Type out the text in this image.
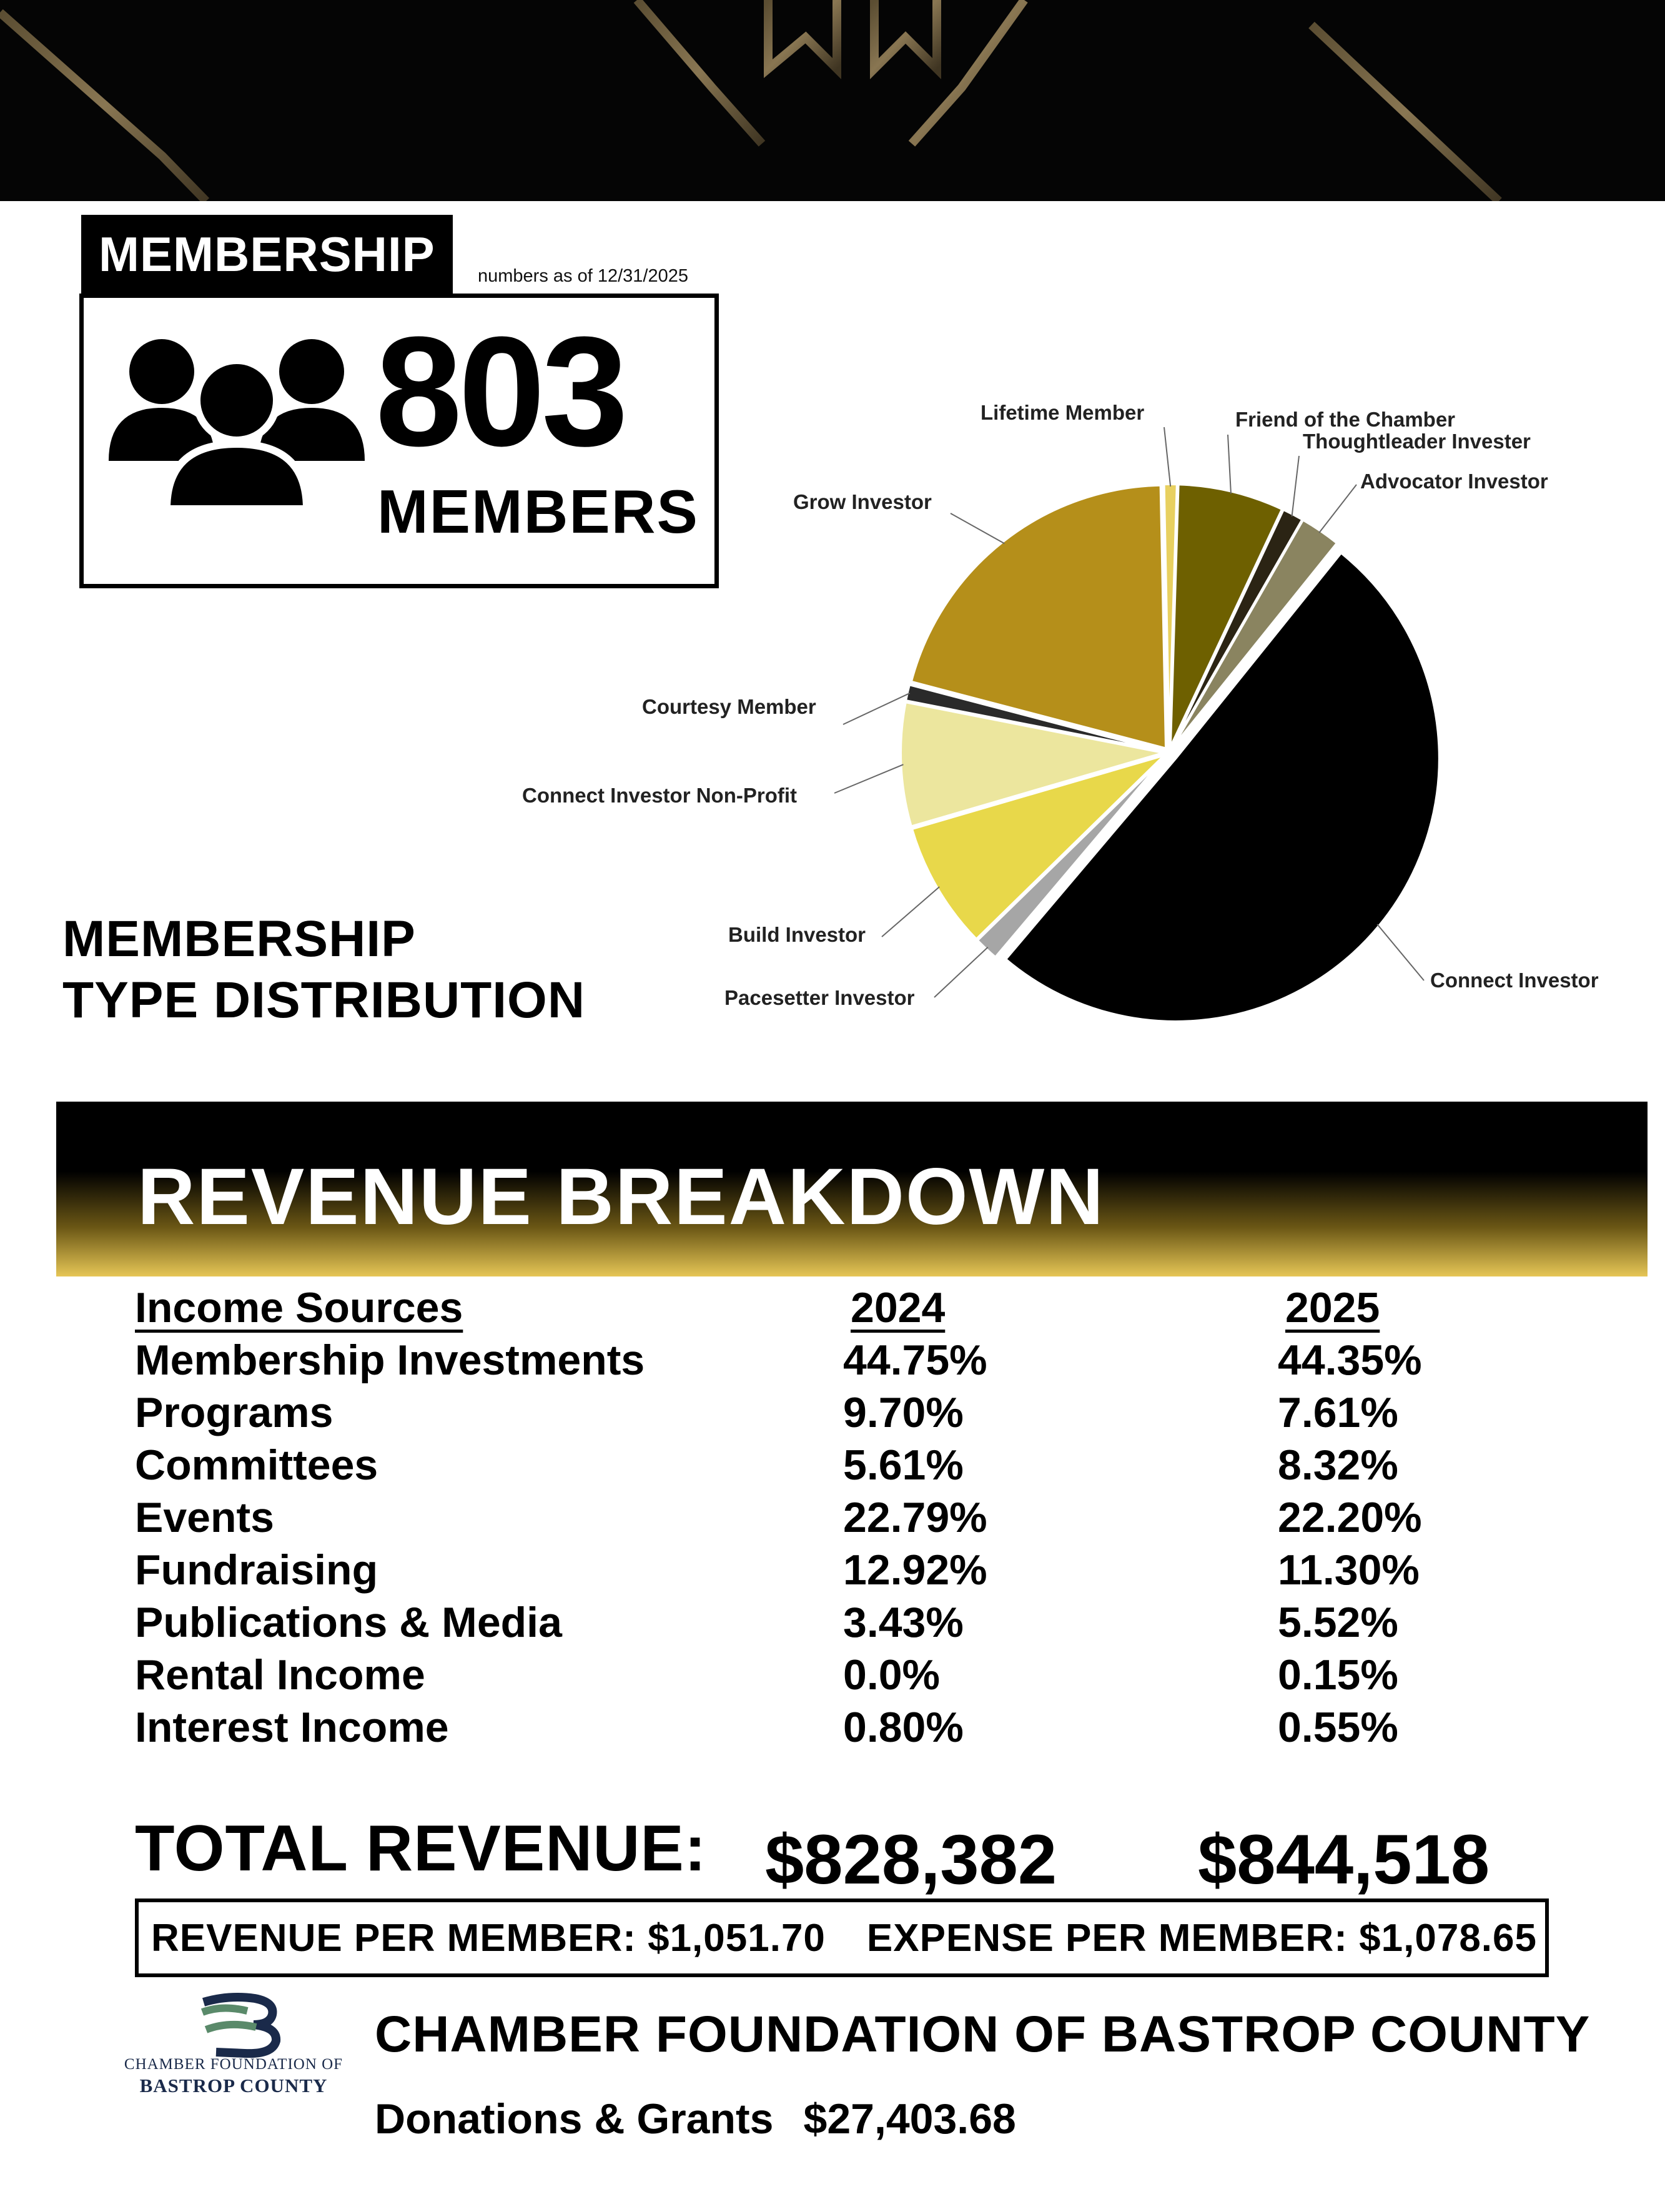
MEMBERSHIP numbers as of 12/31/2025
803
MEMBERS
MEMBERSHIP
TYPE DISTRIBUTION
Lifetime Member	Friend of the Chamber
Thoughtleader Invester
Advocator Investor
Connect Investor
Pacesetter Investor
Build Investor
Connect Investor Non-Profit
Courtesy Member
Grow Investor
REVENUE BREAKDOWN
Income Sources	2024	2025
Membership Investments	44.75%	44.35%
Programs	9.70%	7.61%
Committees	5.61%	8.32%
Events	22.79%	22.20%
Fundraising	12.92%	11.30%
Publications & Media	3.43%	5.52%
Rental Income	0.0%	0.15%
Interest Income	0.80%	0.55%
TOTAL REVENUE: $828,382 $844,518
REVENUE PER MEMBER: $1,051.70 EXPENSE PER MEMBER: $1,078.65
CHAMBER FOUNDATION OF
BASTROP COUNTY
CHAMBER FOUNDATION OF BASTROP COUNTY
Donations & Grants $27,403.68
